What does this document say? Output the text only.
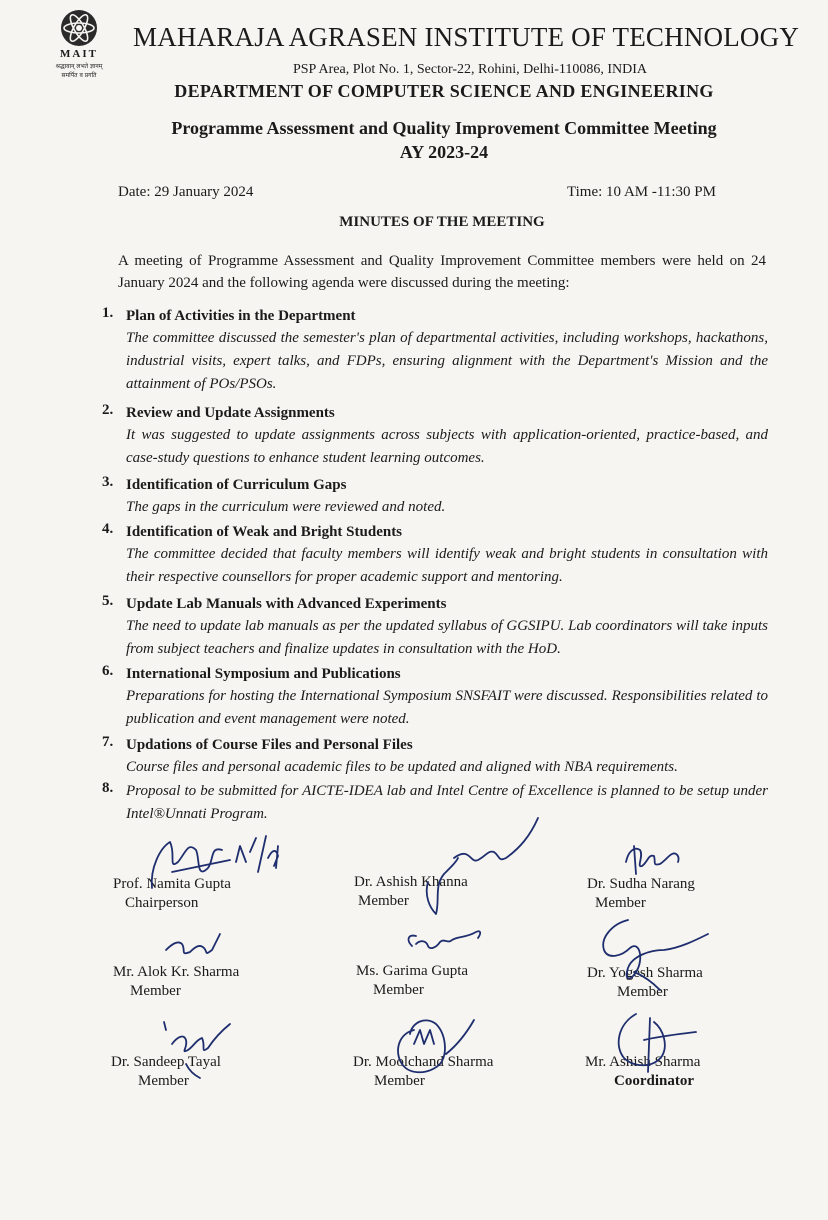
MAIT
श्रद्धावान् लभते ज्ञानम्
समर्पित व प्रगति
MAHARAJA AGRASEN INSTITUTE OF TECHNOLOGY
PSP Area, Plot No. 1, Sector-22, Rohini, Delhi-110086, INDIA
DEPARTMENT OF COMPUTER SCIENCE AND ENGINEERING
Programme Assessment and Quality Improvement Committee Meeting
AY 2023-24
Date: 29 January 2024	Time: 10 AM -11:30 PM
MINUTES OF THE MEETING
A meeting of Programme Assessment and Quality Improvement Committee members were held on 24 January 2024 and the following agenda were discussed during the meeting:
1. Plan of Activities in the Department
The committee discussed the semester's plan of departmental activities, including workshops, hackathons, industrial visits, expert talks, and FDPs, ensuring alignment with the Department's Mission and the attainment of POs/PSOs.
2. Review and Update Assignments
It was suggested to update assignments across subjects with application-oriented, practice-based, and case-study questions to enhance student learning outcomes.
3. Identification of Curriculum Gaps
The gaps in the curriculum were reviewed and noted.
4. Identification of Weak and Bright Students
The committee decided that faculty members will identify weak and bright students in consultation with their respective counsellors for proper academic support and mentoring.
5. Update Lab Manuals with Advanced Experiments
The need to update lab manuals as per the updated syllabus of GGSIPU. Lab coordinators will take inputs from subject teachers and finalize updates in consultation with the HoD.
6. International Symposium and Publications
Preparations for hosting the International Symposium SNSFAIT were discussed. Responsibilities related to publication and event management were noted.
7. Updations of Course Files and Personal Files
Course files and personal academic files to be updated and aligned with NBA requirements.
8. Proposal to be submitted for AICTE-IDEA lab and Intel Centre of Excellence is planned to be setup under Intel®Unnati Program.
Prof. Namita Gupta
Chairperson
Dr. Ashish Khanna
Member
Dr. Sudha Narang
Member
Mr. Alok Kr. Sharma
Member
Ms. Garima Gupta
Member
Dr. Yogesh Sharma
Member
Dr. Sandeep Tayal
Member
Dr. Moolchand Sharma
Member
Mr. Ashish Sharma
Coordinator
